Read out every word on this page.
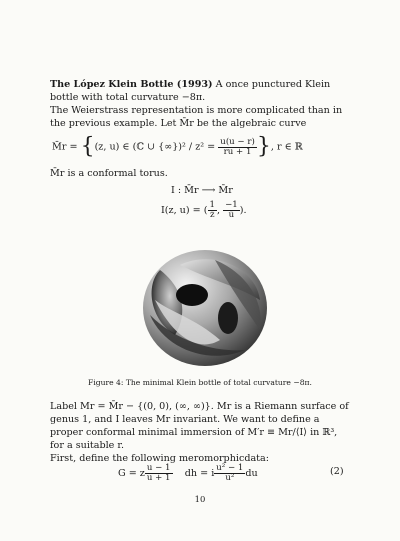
The López Klein Bottle (1993) A once punctured Klein bottle with total curvature −8π.
The Weierstrass representation is more complicated than in the previous example. Let M̄r be the algebraic curve
M̄r = {(z, u) ∈ (ℂ ∪ $\{\infty\})^2 / z^2 = \frac{u(u - r)}{ru + 1}$ }, r ∈ ℝ
M̄r is a conformal torus.
I : M̄r ⟶ M̄r
I(z, u) = ( $\frac{1}{z̄}$ , $\frac{-1}{ū}$ ).
Figure 4: The minimal Klein bottle of total curvature −8π.
Label Mr = M̄r − {(0, 0), (∞, ∞)}. Mr is a Riemann surface of genus 1, and I leaves Mr invariant. We want to define a proper conformal minimal immersion of M′r ≡ Mr/⟨I⟩ in ℝ³, for a suitable r.
First, define the following meromorphicdata:
G = z $\frac{u - 1}{u + 1}$ dh = i $\frac{\text{u² − 1}}{\text{u²}}$ du	(2)
10
